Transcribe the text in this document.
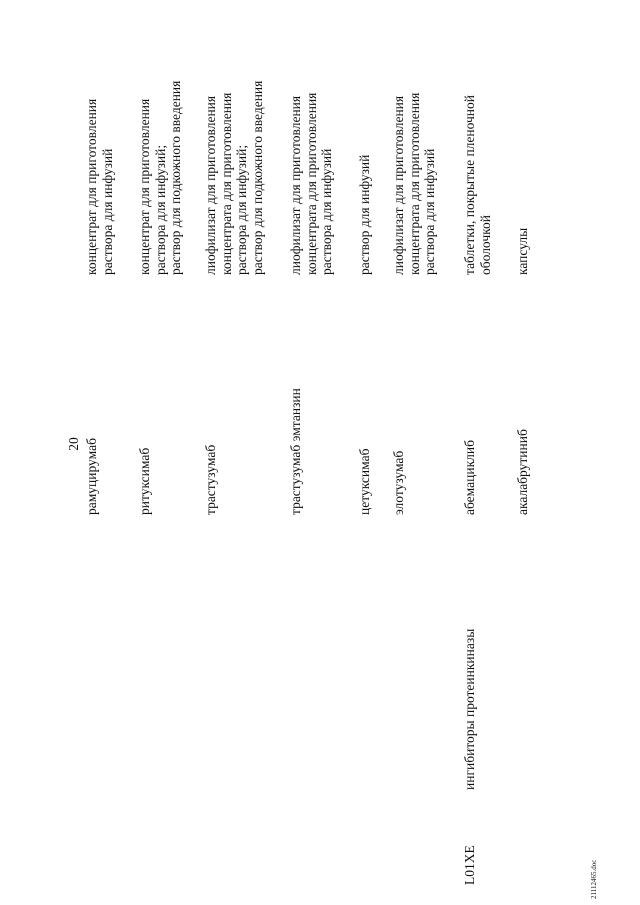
20
21112465.doc
рамуцирумаб
концентрат для приготовления раствора для инфузий
ритуксимаб
концентрат для приготовления раствора для инфузий; раствор для подкожного введения
трастузумаб
лиофилизат для приготовления концентрата для приготовления раствора для инфузий; раствор для подкожного введения
трастузумаб эмтанзин
лиофилизат для приготовления концентрата для приготовления раствора для инфузий
цетуксимаб
раствор для инфузий
элотузумаб
лиофилизат для приготовления концентрата для приготовления раствора для инфузий
L01XE
ингибиторы протеинкиназы
абемациклиб
таблетки, покрытые пленочной оболочкой
акалабрутиниб
капсулы
